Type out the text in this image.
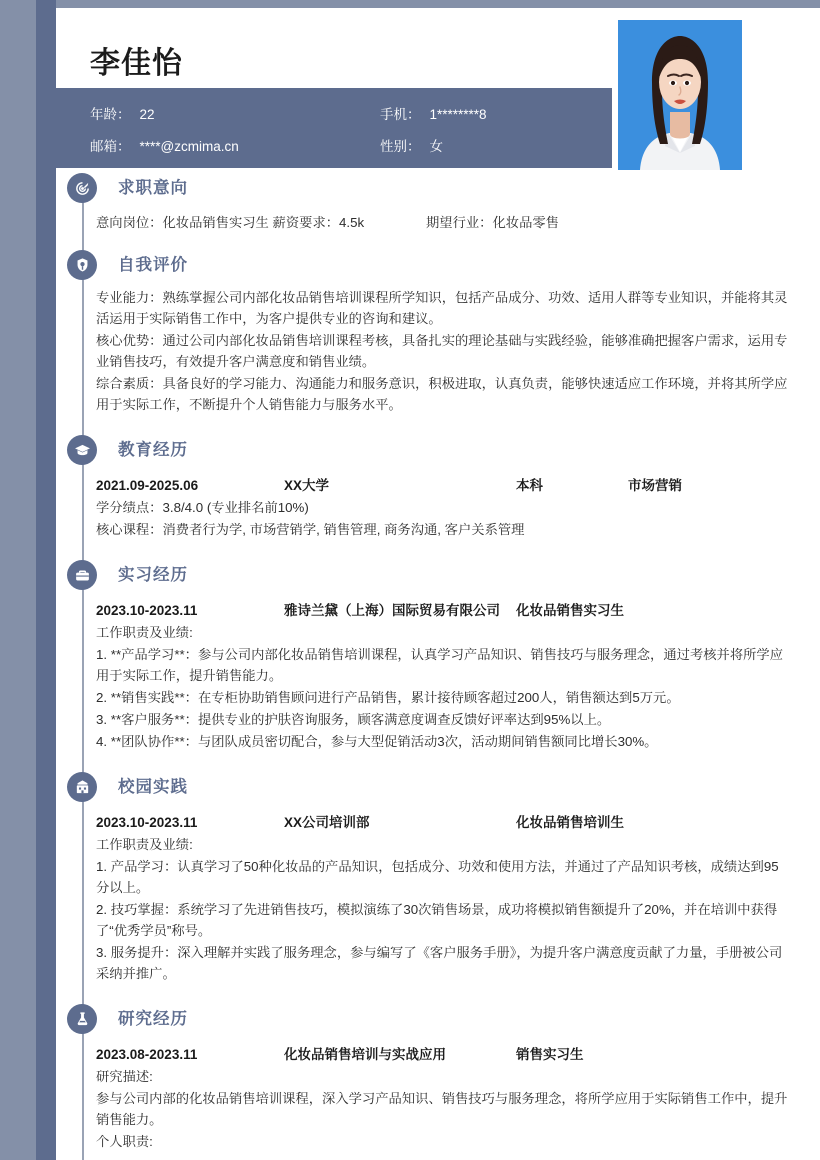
李佳怡
年龄： 22	手机： 1********8
邮箱： ****@zcmima.cn	性别： 女
求职意向
意向岗位：化妆品销售实习生 薪资要求：4.5k	期望行业：化妆品零售
自我评价

专业能力：熟练掌握公司内部化妆品销售培训课程所学知识，包括产品成分、功效、适用人群等专业知识，并能将其灵活运用于实际销售工作中，为客户提供专业的咨询和建议。

核心优势：通过公司内部化妆品销售培训课程考核，具备扎实的理论基础与实践经验，能够准确把握客户需求，运用专业销售技巧，有效提升客户满意度和销售业绩。

综合素质：具备良好的学习能力、沟通能力和服务意识，积极进取，认真负责，能够快速适应工作环境，并将其所学应用于实际工作，不断提升个人销售能力与服务水平。

教育经历
2021.09-2025.06	XX大学	本科	市场营销

学分绩点：3.8/4.0 (专业排名前10%)

核心课程：消费者行为学, 市场营销学, 销售管理, 商务沟通, 客户关系管理

实习经历
2023.10-2023.11	雅诗兰黛（上海）国际贸易有限公司	化妆品销售实习生

工作职责及业绩:

1. **产品学习**：参与公司内部化妆品销售培训课程，认真学习产品知识、销售技巧与服务理念，通过考核并将所学应用于实际工作，提升销售能力。

2. **销售实践**：在专柜协助销售顾问进行产品销售，累计接待顾客超过200人，销售额达到5万元。

3. **客户服务**：提供专业的护肤咨询服务，顾客满意度调查反馈好评率达到95%以上。

4. **团队协作**：与团队成员密切配合，参与大型促销活动3次，活动期间销售额同比增长30%。

校园实践
2023.10-2023.11	XX公司培训部	化妆品销售培训生

工作职责及业绩:

1. 产品学习：认真学习了50种化妆品的产品知识，包括成分、功效和使用方法，并通过了产品知识考核，成绩达到95分以上。

2. 技巧掌握：系统学习了先进销售技巧，模拟演练了30次销售场景，成功将模拟销售额提升了20%，并在培训中获得了“优秀学员”称号。

3. 服务提升：深入理解并实践了服务理念，参与编写了《客户服务手册》，为提升客户满意度贡献了力量，手册被公司采纳并推广。

研究经历
2023.08-2023.11	化妆品销售培训与实战应用	销售实习生

研究描述:

参与公司内部的化妆品销售培训课程，深入学习产品知识、销售技巧与服务理念，将所学应用于实际销售工作中，提升销售能力。

个人职责:
